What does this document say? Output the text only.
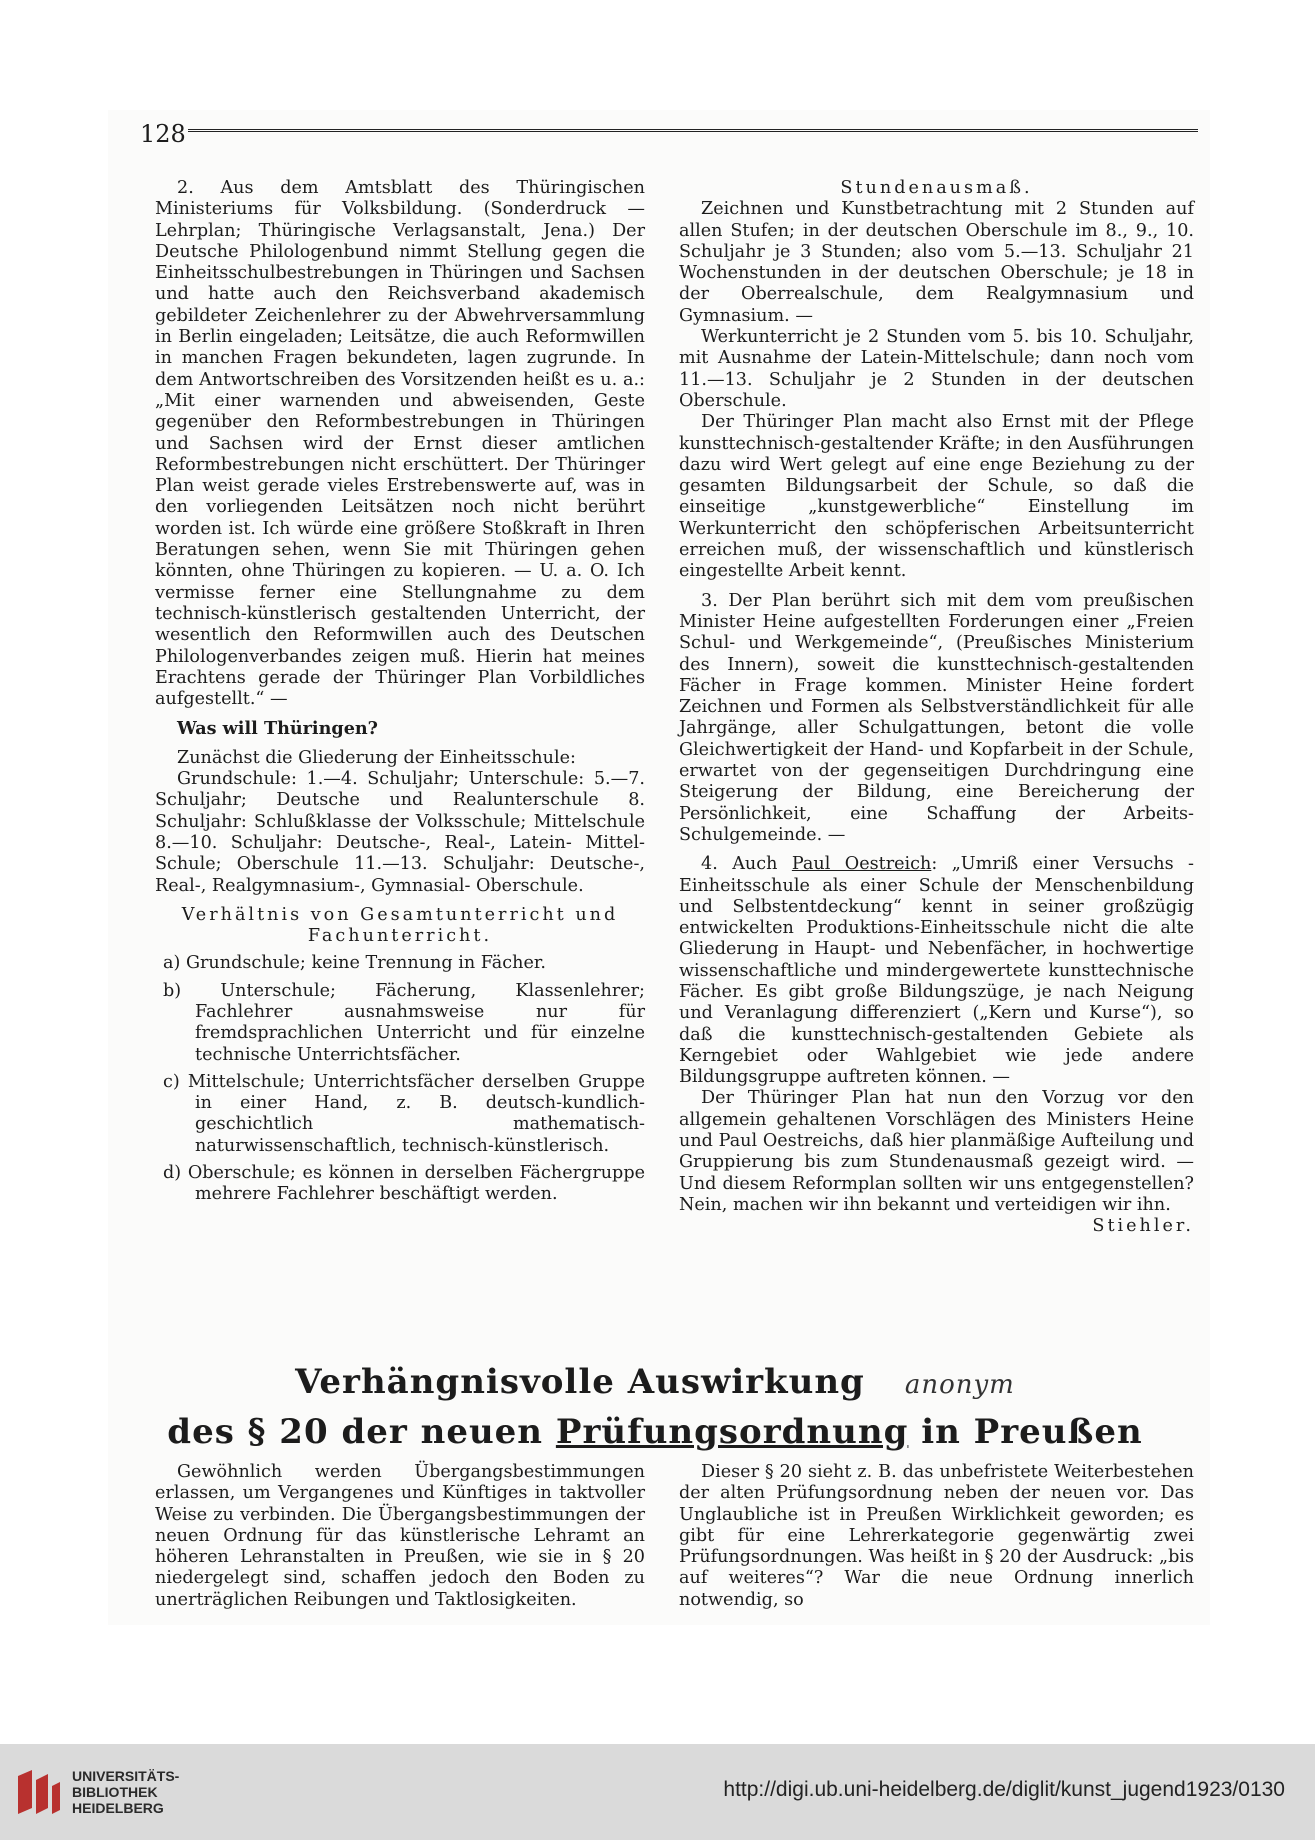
128

2. Aus dem Amtsblatt des Thüringischen Ministeriums für Volksbildung. (Sonderdruck — Lehrplan; Thüringische Verlagsanstalt, Jena.) Der Deutsche Philologenbund nimmt Stellung gegen die Einheitsschulbestrebungen in Thüringen und Sachsen und hatte auch den Reichsverband akademisch gebildeter Zeichenlehrer zu der Abwehrversammlung in Berlin eingeladen; Leitsätze, die auch Reformwillen in manchen Fragen bekundeten, lagen zugrunde. In dem Antwortschreiben des Vorsitzenden heißt es u. a.: „Mit einer warnenden und abweisenden, Geste gegenüber den Reformbestrebungen in Thüringen und Sachsen wird der Ernst dieser amtlichen Reformbestrebungen nicht erschüttert. Der Thüringer Plan weist gerade vieles Erstrebenswerte auf, was in den vorliegenden Leitsätzen noch nicht berührt worden ist. Ich würde eine größere Stoßkraft in Ihren Beratungen sehen, wenn Sie mit Thüringen gehen könnten, ohne Thüringen zu kopieren. — U. a. O. Ich vermisse ferner eine Stellungnahme zu dem technisch-künstlerisch gestaltenden Unterricht, der wesentlich den Reformwillen auch des Deutschen Philologenverbandes zeigen muß. Hierin hat meines Erachtens gerade der Thüringer Plan Vorbildliches aufgestellt.“ —

Was will Thüringen?

Zunächst die Gliederung der Einheitsschule:

Grundschule: 1.—4. Schuljahr; Unterschule: 5.—7. Schuljahr; Deutsche und Realunterschule 8. Schuljahr: Schlußklasse der Volksschule; Mittelschule 8.—10. Schuljahr: Deutsche-, Real-, Latein- Mittel-Schule; Oberschule 11.—13. Schuljahr: Deutsche-, Real-, Realgymnasium-, Gymnasial- Oberschule.

Verhältnis von Gesamtunterricht und Fachunterricht.

a) Grundschule; keine Trennung in Fächer.

b) Unterschule; Fächerung, Klassenlehrer; Fachlehrer ausnahmsweise nur für fremdsprachlichen Unterricht und für einzelne technische Unterrichtsfächer.

c) Mittelschule; Unterrichtsfächer derselben Gruppe in einer Hand, z. B. deutsch-kundlich-geschichtlich mathematisch-naturwissenschaftlich, technisch-künstlerisch.

d) Oberschule; es können in derselben Fächergruppe mehrere Fachlehrer beschäftigt werden.

Stundenausmaß.

Zeichnen und Kunstbetrachtung mit 2 Stunden auf allen Stufen; in der deutschen Oberschule im 8., 9., 10. Schuljahr je 3 Stunden; also vom 5.—13. Schuljahr 21 Wochenstunden in der deutschen Oberschule; je 18 in der Oberrealschule, dem Realgymnasium und Gymnasium. —

Werkunterricht je 2 Stunden vom 5. bis 10. Schuljahr, mit Ausnahme der Latein-Mittelschule; dann noch vom 11.—13. Schuljahr je 2 Stunden in der deutschen Oberschule.

Der Thüringer Plan macht also Ernst mit der Pflege kunsttechnisch-gestaltender Kräfte; in den Ausführungen dazu wird Wert gelegt auf eine enge Beziehung zu der gesamten Bildungsarbeit der Schule, so daß die einseitige „kunstgewerbliche“ Einstellung im Werkunterricht den schöpferischen Arbeitsunterricht erreichen muß, der wissenschaftlich und künstlerisch eingestellte Arbeit kennt.

3. Der Plan berührt sich mit dem vom preußischen Minister Heine aufgestellten Forderungen einer „Freien Schul- und Werkgemeinde“, (Preußisches Ministerium des Innern), soweit die kunsttechnisch-gestaltenden Fächer in Frage kommen. Minister Heine fordert Zeichnen und Formen als Selbstverständlichkeit für alle Jahrgänge, aller Schulgattungen, betont die volle Gleichwertigkeit der Hand- und Kopfarbeit in der Schule, erwartet von der gegenseitigen Durchdringung eine Steigerung der Bildung, eine Bereicherung der Persönlichkeit, eine Schaffung der Arbeits-Schulgemeinde. —

4. Auch Paul Oestreich: „Umriß einer Versuchs - Einheitsschule als einer Schule der Menschenbildung und Selbstentdeckung“ kennt in seiner großzügig entwickelten Produktions-Einheitsschule nicht die alte Gliederung in Haupt- und Nebenfächer, in hochwertige wissenschaftliche und mindergewertete kunsttechnische Fächer. Es gibt große Bildungszüge, je nach Neigung und Veranlagung differenziert („Kern und Kurse“), so daß die kunsttechnisch-gestaltenden Gebiete als Kerngebiet oder Wahlgebiet wie jede andere Bildungsgruppe auftreten können. —

Der Thüringer Plan hat nun den Vorzug vor den allgemein gehaltenen Vorschlägen des Ministers Heine und Paul Oestreichs, daß hier planmäßige Aufteilung und Gruppierung bis zum Stundenausmaß gezeigt wird. — Und diesem Reformplan sollten wir uns entgegenstellen? Nein, machen wir ihn bekannt und verteidigen wir ihn.

Stiehler.

Verhängnisvolle Auswirkung anonym
des § 20 der neuen Prüfungsordnung in Preußen

Gewöhnlich werden Übergangsbestimmungen erlassen, um Vergangenes und Künftiges in taktvoller Weise zu verbinden. Die Übergangsbestimmungen der neuen Ordnung für das künstlerische Lehramt an höheren Lehranstalten in Preußen, wie sie in § 20 niedergelegt sind, schaffen jedoch den Boden zu unerträglichen Reibungen und Taktlosigkeiten.

Dieser § 20 sieht z. B. das unbefristete Weiterbestehen der alten Prüfungsordnung neben der neuen vor. Das Unglaubliche ist in Preußen Wirklichkeit geworden; es gibt für eine Lehrerkategorie gegenwärtig zwei Prüfungsordnungen. Was heißt in § 20 der Ausdruck: „bis auf weiteres“? War die neue Ordnung innerlich notwendig, so

UNIVERSITÄTS-
BIBLIOTHEK
HEIDELBERG
http://digi.ub.uni-heidelberg.de/diglit/kunst_jugend1923/0130
